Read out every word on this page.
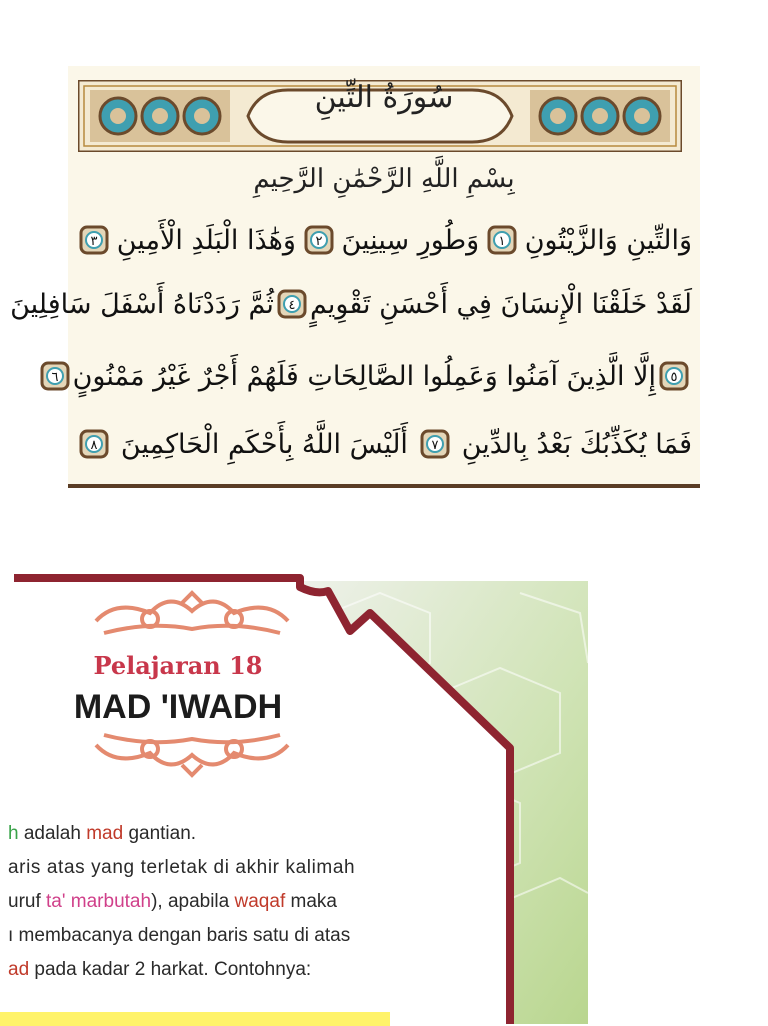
سُورَةُ التِّينِ
بِسْمِ اللَّهِ الرَّحْمَٰنِ الرَّحِيمِ
وَالتِّينِ وَالزَّيْتُونِ
١
وَطُورِ سِينِينَ
٢
وَهَٰذَا الْبَلَدِ الْأَمِينِ
٣
لَقَدْ خَلَقْنَا الْإِنسَانَ فِي أَحْسَنِ تَقْوِيمٍ
٤
ثُمَّ رَدَدْنَاهُ أَسْفَلَ سَافِلِينَ
٥
إِلَّا الَّذِينَ آمَنُوا وَعَمِلُوا الصَّالِحَاتِ فَلَهُمْ أَجْرٌ غَيْرُ مَمْنُونٍ
٦
فَمَا يُكَذِّبُكَ بَعْدُ بِالدِّينِ
٧
أَلَيْسَ اللَّهُ بِأَحْكَمِ الْحَاكِمِينَ
٨
Pelajaran 18
MAD 'IWADH
h adalah mad gantian.
aris atas yang terletak di akhir kalimah
uruf ta' marbutah), apabila waqaf maka
ı membacanya dengan baris satu di atas
ad pada kadar 2 harkat. Contohnya:
